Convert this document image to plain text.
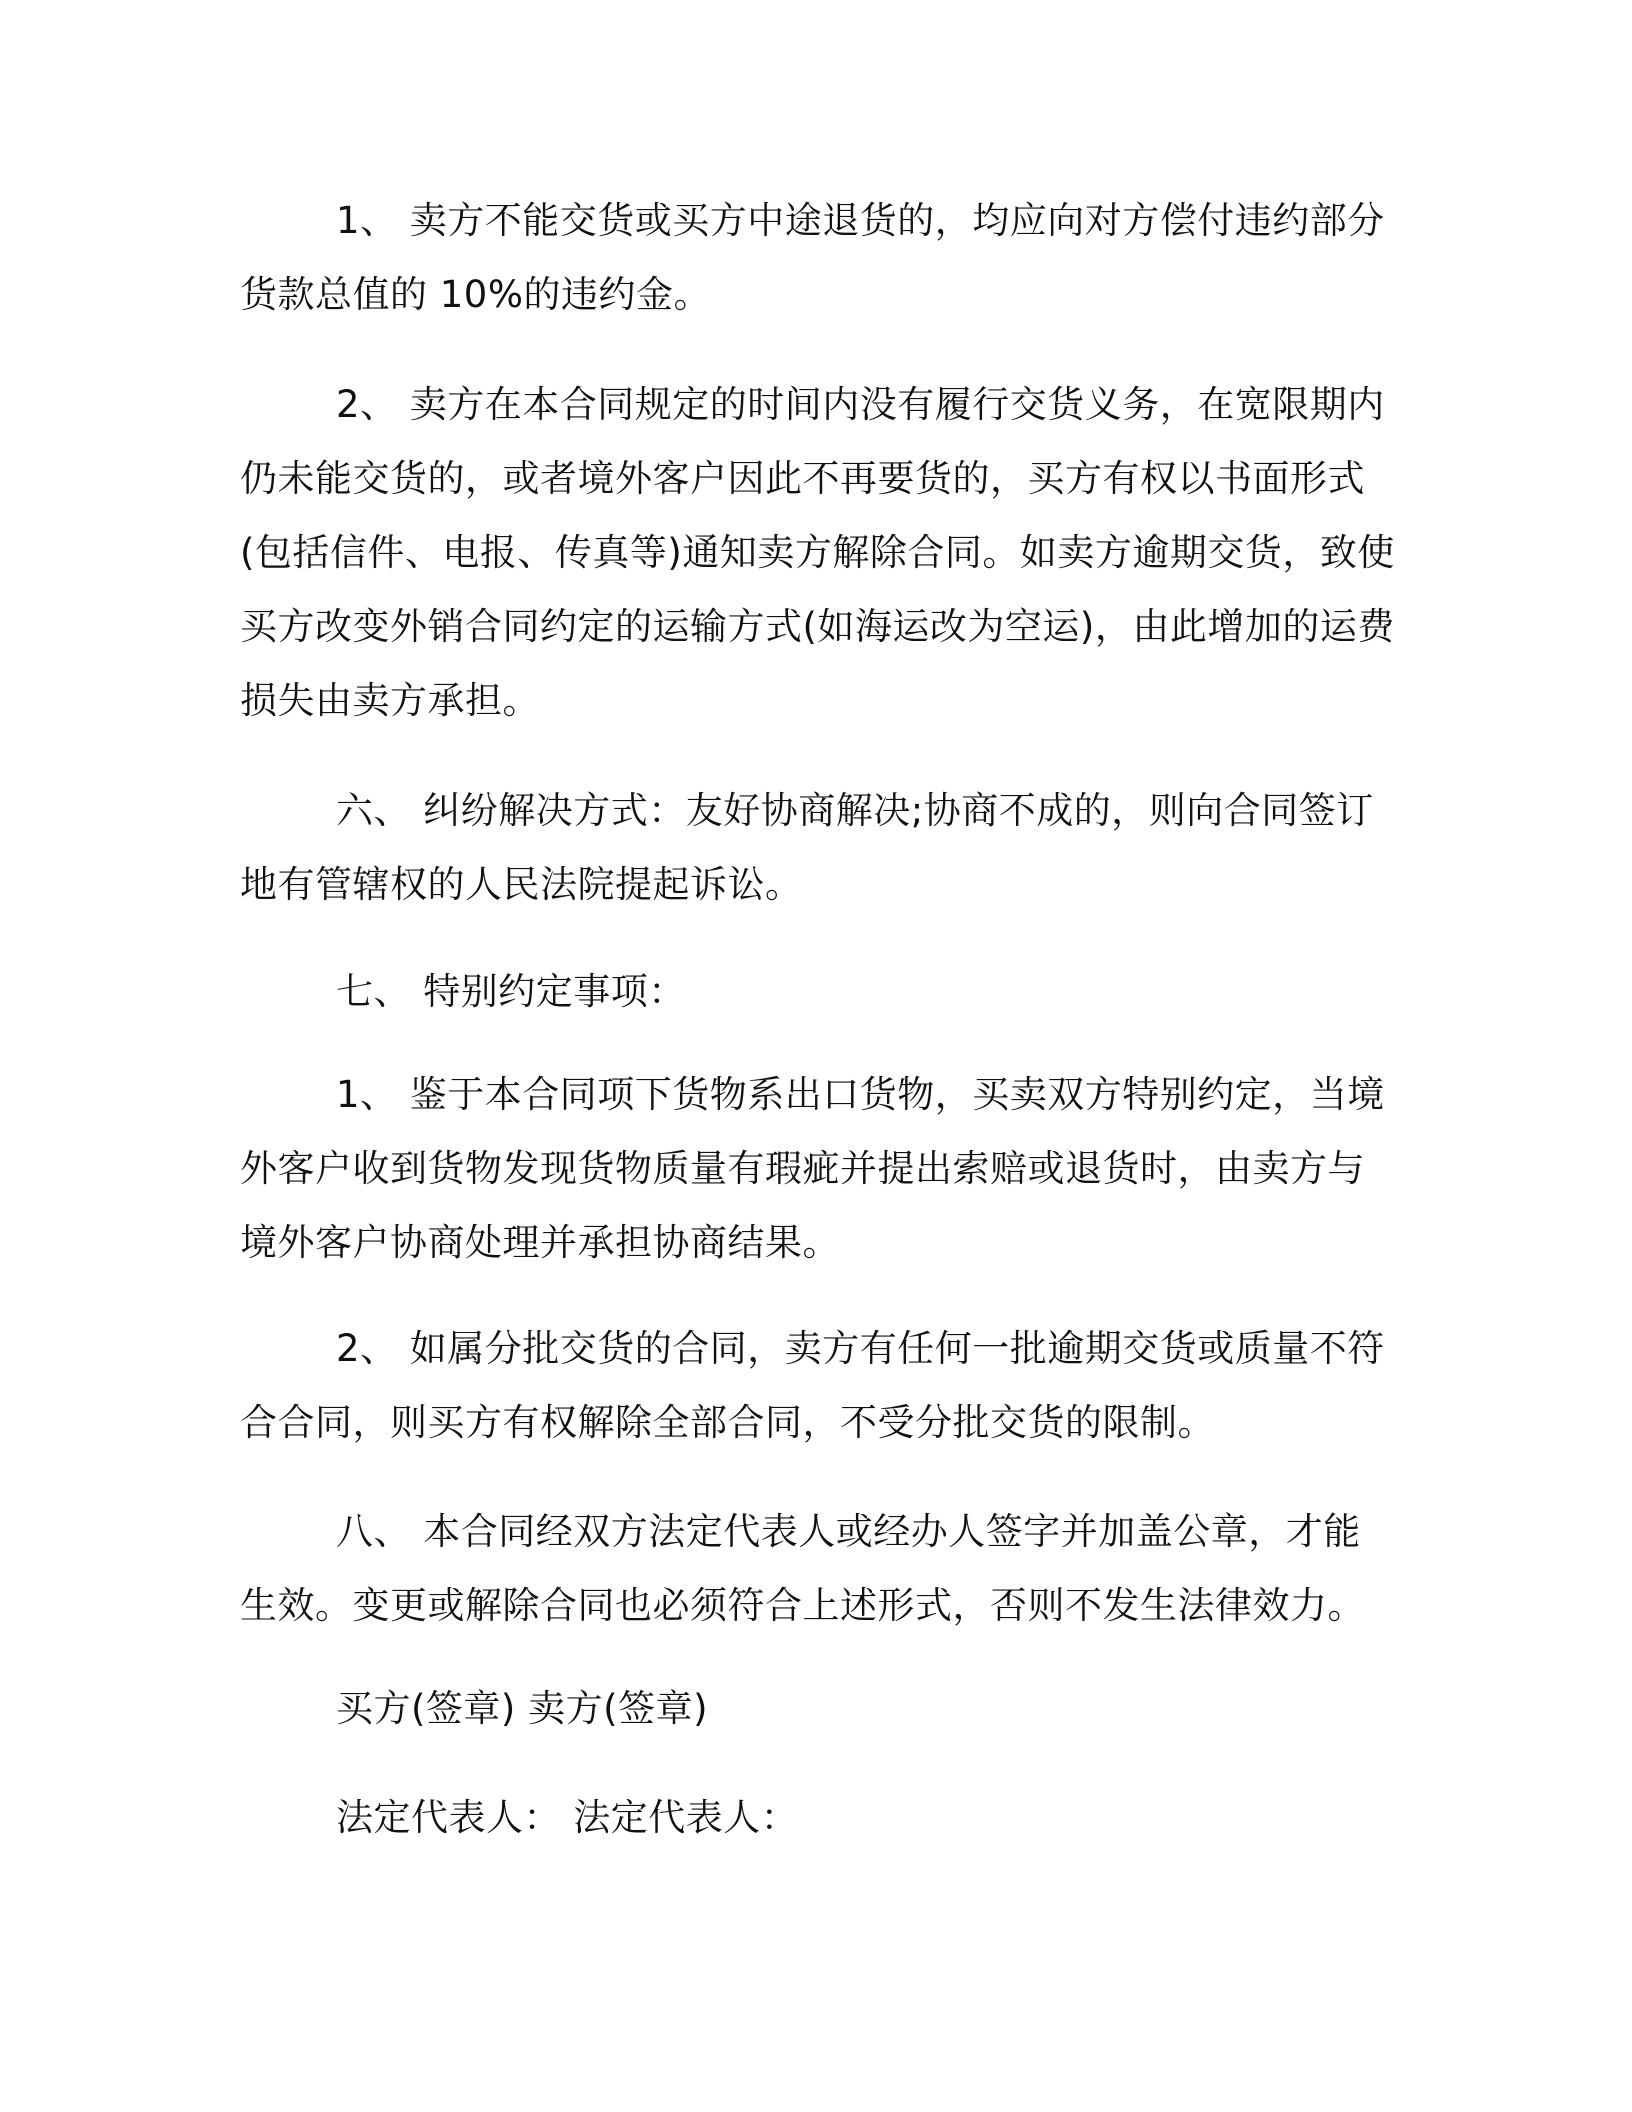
1、 卖方不能交货或买方中途退货的，均应向对方偿付违约部分货款总值的 10%的违约金。

2、 卖方在本合同规定的时间内没有履行交货义务，在宽限期内仍未能交货的，或者境外客户因此不再要货的，买方有权以书面形式(包括信件、电报、传真等)通知卖方解除合同。如卖方逾期交货，致使买方改变外销合同约定的运输方式(如海运改为空运)，由此增加的运费损失由卖方承担。

六、 纠纷解决方式：友好协商解决;协商不成的，则向合同签订地有管辖权的人民法院提起诉讼。

七、 特别约定事项：

1、 鉴于本合同项下货物系出口货物，买卖双方特别约定，当境外客户收到货物发现货物质量有瑕疵并提出索赔或退货时，由卖方与境外客户协商处理并承担协商结果。

2、 如属分批交货的合同，卖方有任何一批逾期交货或质量不符合合同，则买方有权解除全部合同，不受分批交货的限制。

八、 本合同经双方法定代表人或经办人签字并加盖公章，才能生效。变更或解除合同也必须符合上述形式，否则不发生法律效力。

买方(签章) 卖方(签章)

法定代表人： 法定代表人：
